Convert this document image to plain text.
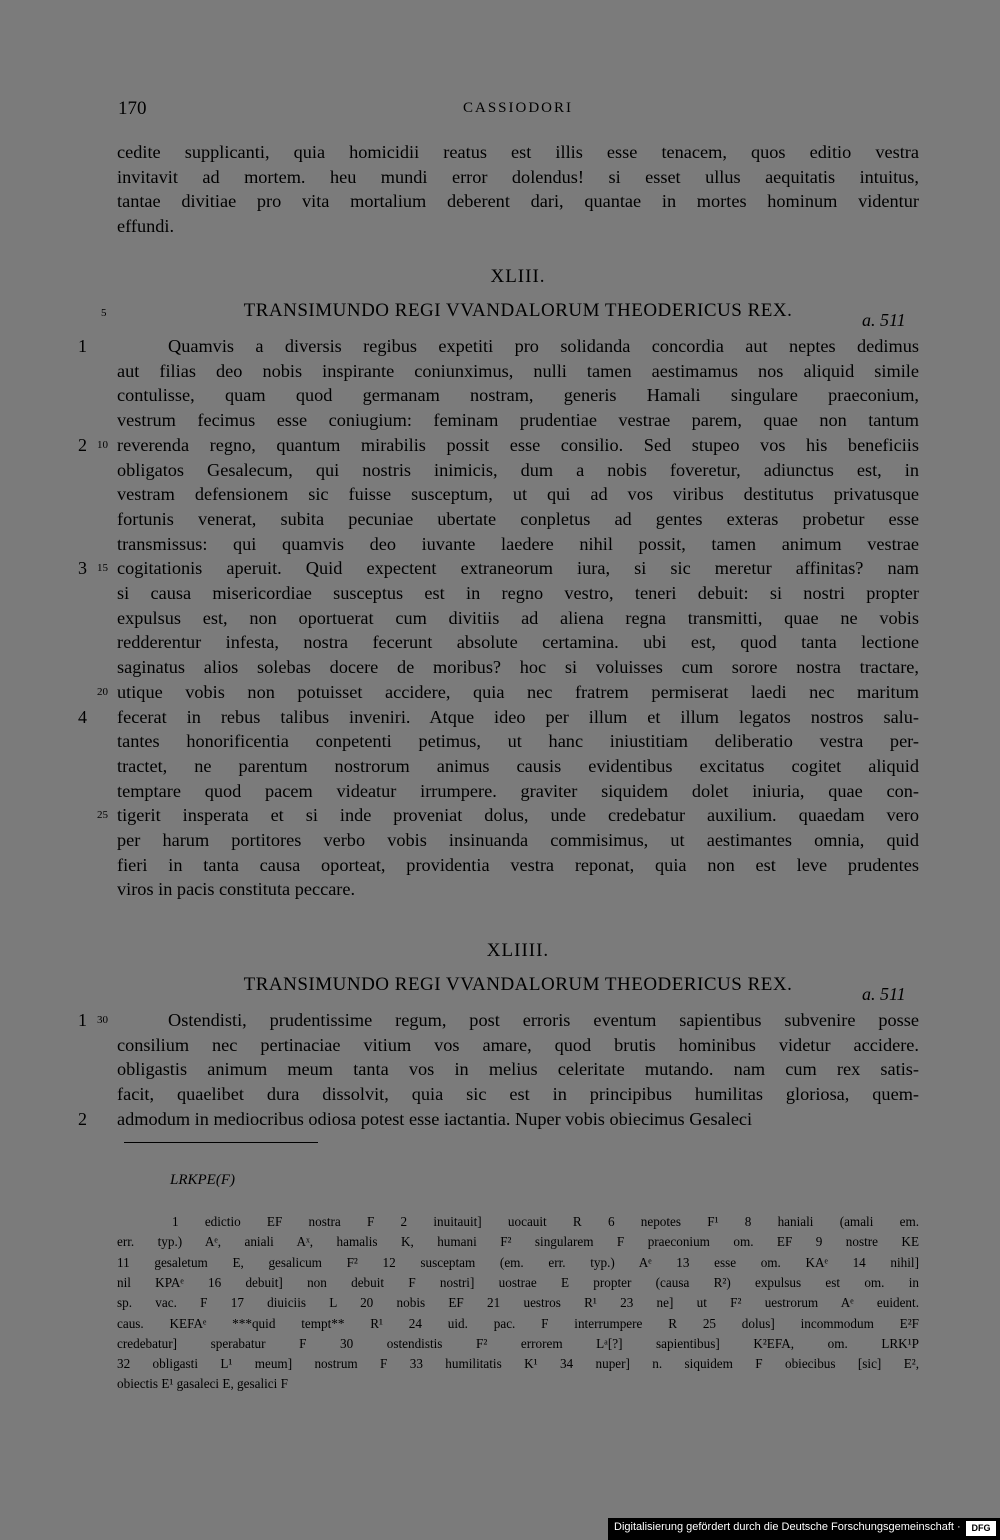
170	CASSIODORI
cedite supplicanti, quia homicidii reatus est illis esse tenacem, quos editio vestra
invitavit ad mortem. heu mundi error dolendus! si esset ullus aequitatis intuitus,
tantae divitiae pro vita mortalium deberent dari, quantae in mortes hominum videntur
effundi.
XLIII.
5	TRANSIMUNDO REGI VVANDALORUM THEODERICUS REX.	a. 511
1	Quamvis a diversis regibus expetiti pro solidanda concordia aut neptes dedimus
aut filias deo nobis inspirante coniunximus, nulli tamen aestimamus nos aliquid simile
contulisse, quam quod germanam nostram, generis Hamali singulare praeconium,
vestrum fecimus esse coniugium: feminam prudentiae vestrae parem, quae non tantum
2 10 reverenda regno, quantum mirabilis possit esse consilio. Sed stupeo vos his beneficiis
obligatos Gesalecum, qui nostris inimicis, dum a nobis foveretur, adiunctus est, in
vestram defensionem sic fuisse susceptum, ut qui ad vos viribus destitutus privatusque
fortunis venerat, subita pecuniae ubertate conpletus ad gentes exteras probetur esse
transmissus: qui quamvis deo iuvante laedere nihil possit, tamen animum vestrae
3 15 cogitationis aperuit. Quid expectent extraneorum iura, si sic meretur affinitas? nam
si causa misericordiae susceptus est in regno vestro, teneri debuit: si nostri propter
expulsus est, non oportuerat cum divitiis ad aliena regna transmitti, quae ne vobis
redderentur infesta, nostra fecerunt absolute certamina. ubi est, quod tanta lectione
saginatus alios solebas docere de moribus? hoc si voluisses cum sorore nostra tractare,
20 utique vobis non potuisset accidere, quia nec fratrem permiserat laedi nec maritum
4 fecerat in rebus talibus inveniri. Atque ideo per illum et illum legatos nostros salu-
tantes honorificentia conpetenti petimus, ut hanc iniustitiam deliberatio vestra per-
tractet, ne parentum nostrorum animus causis evidentibus excitatus cogitet aliquid
temptare quod pacem videatur irrumpere. graviter siquidem dolet iniuria, quae con-
25 tigerit insperata et si inde proveniat dolus, unde credebatur auxilium. quaedam vero
per harum portitores verbo vobis insinuanda commisimus, ut aestimantes omnia, quid
fieri in tanta causa oporteat, providentia vestra reponat, quia non est leve prudentes
viros in pacis constituta peccare.
XLIIII.
TRANSIMUNDO REGI VVANDALORUM THEODERICUS REX.	a. 511
1 30	Ostendisti, prudentissime regum, post erroris eventum sapientibus subvenire posse
consilium nec pertinaciae vitium vos amare, quod brutis hominibus videtur accidere.
obligastis animum meum tanta vos in melius celeritate mutando. nam cum rex satis-
facit, quaelibet dura dissolvit, quia sic est in principibus humilitas gloriosa, quem-
2 admodum in mediocribus odiosa potest esse iactantia. Nuper vobis obiecimus Gesaleci
LRKPE(F)
1 edictio EF nostra F 2 inuitauit] uocauit R 6 nepotes F¹ 8 haniali (amali em.
err. typ.) Aᵉ, aniali Aˣ, hamalis K, humani F² singularem F praeconium om. EF 9 nostre KE
11 gesaletum E, gesalicum F² 12 susceptam (em. err. typ.) Aᵉ 13 esse om. KAᵉ 14 nihil]
nil KPAᵉ 16 debuit] non debuit F nostri] uostrae E propter (causa R²) expulsus est om. in
sp. vac. F 17 diuiciis L 20 nobis EF 21 uestros R¹ 23 ne] ut F² uestrorum Aᵉ euident.
caus. KEFAᵉ ***quid tempt** R¹ 24 uid. pac. F interrumpere R 25 dolus] incommodum E²F
credebatur] sperabatur F 30 ostendistis F² errorem Lᵃ[?] sapientibus] K²EFA, om. LRK¹P
32 obligasti L¹ meum] nostrum F 33 humilitatis K¹ 34 nuper] n. siquidem F obiecibus [sic] E²,
obiectis E¹ gasaleci E, gesalici F
Digitalisierung gefördert durch die Deutsche Forschungsgemeinschaft ·	DFG
